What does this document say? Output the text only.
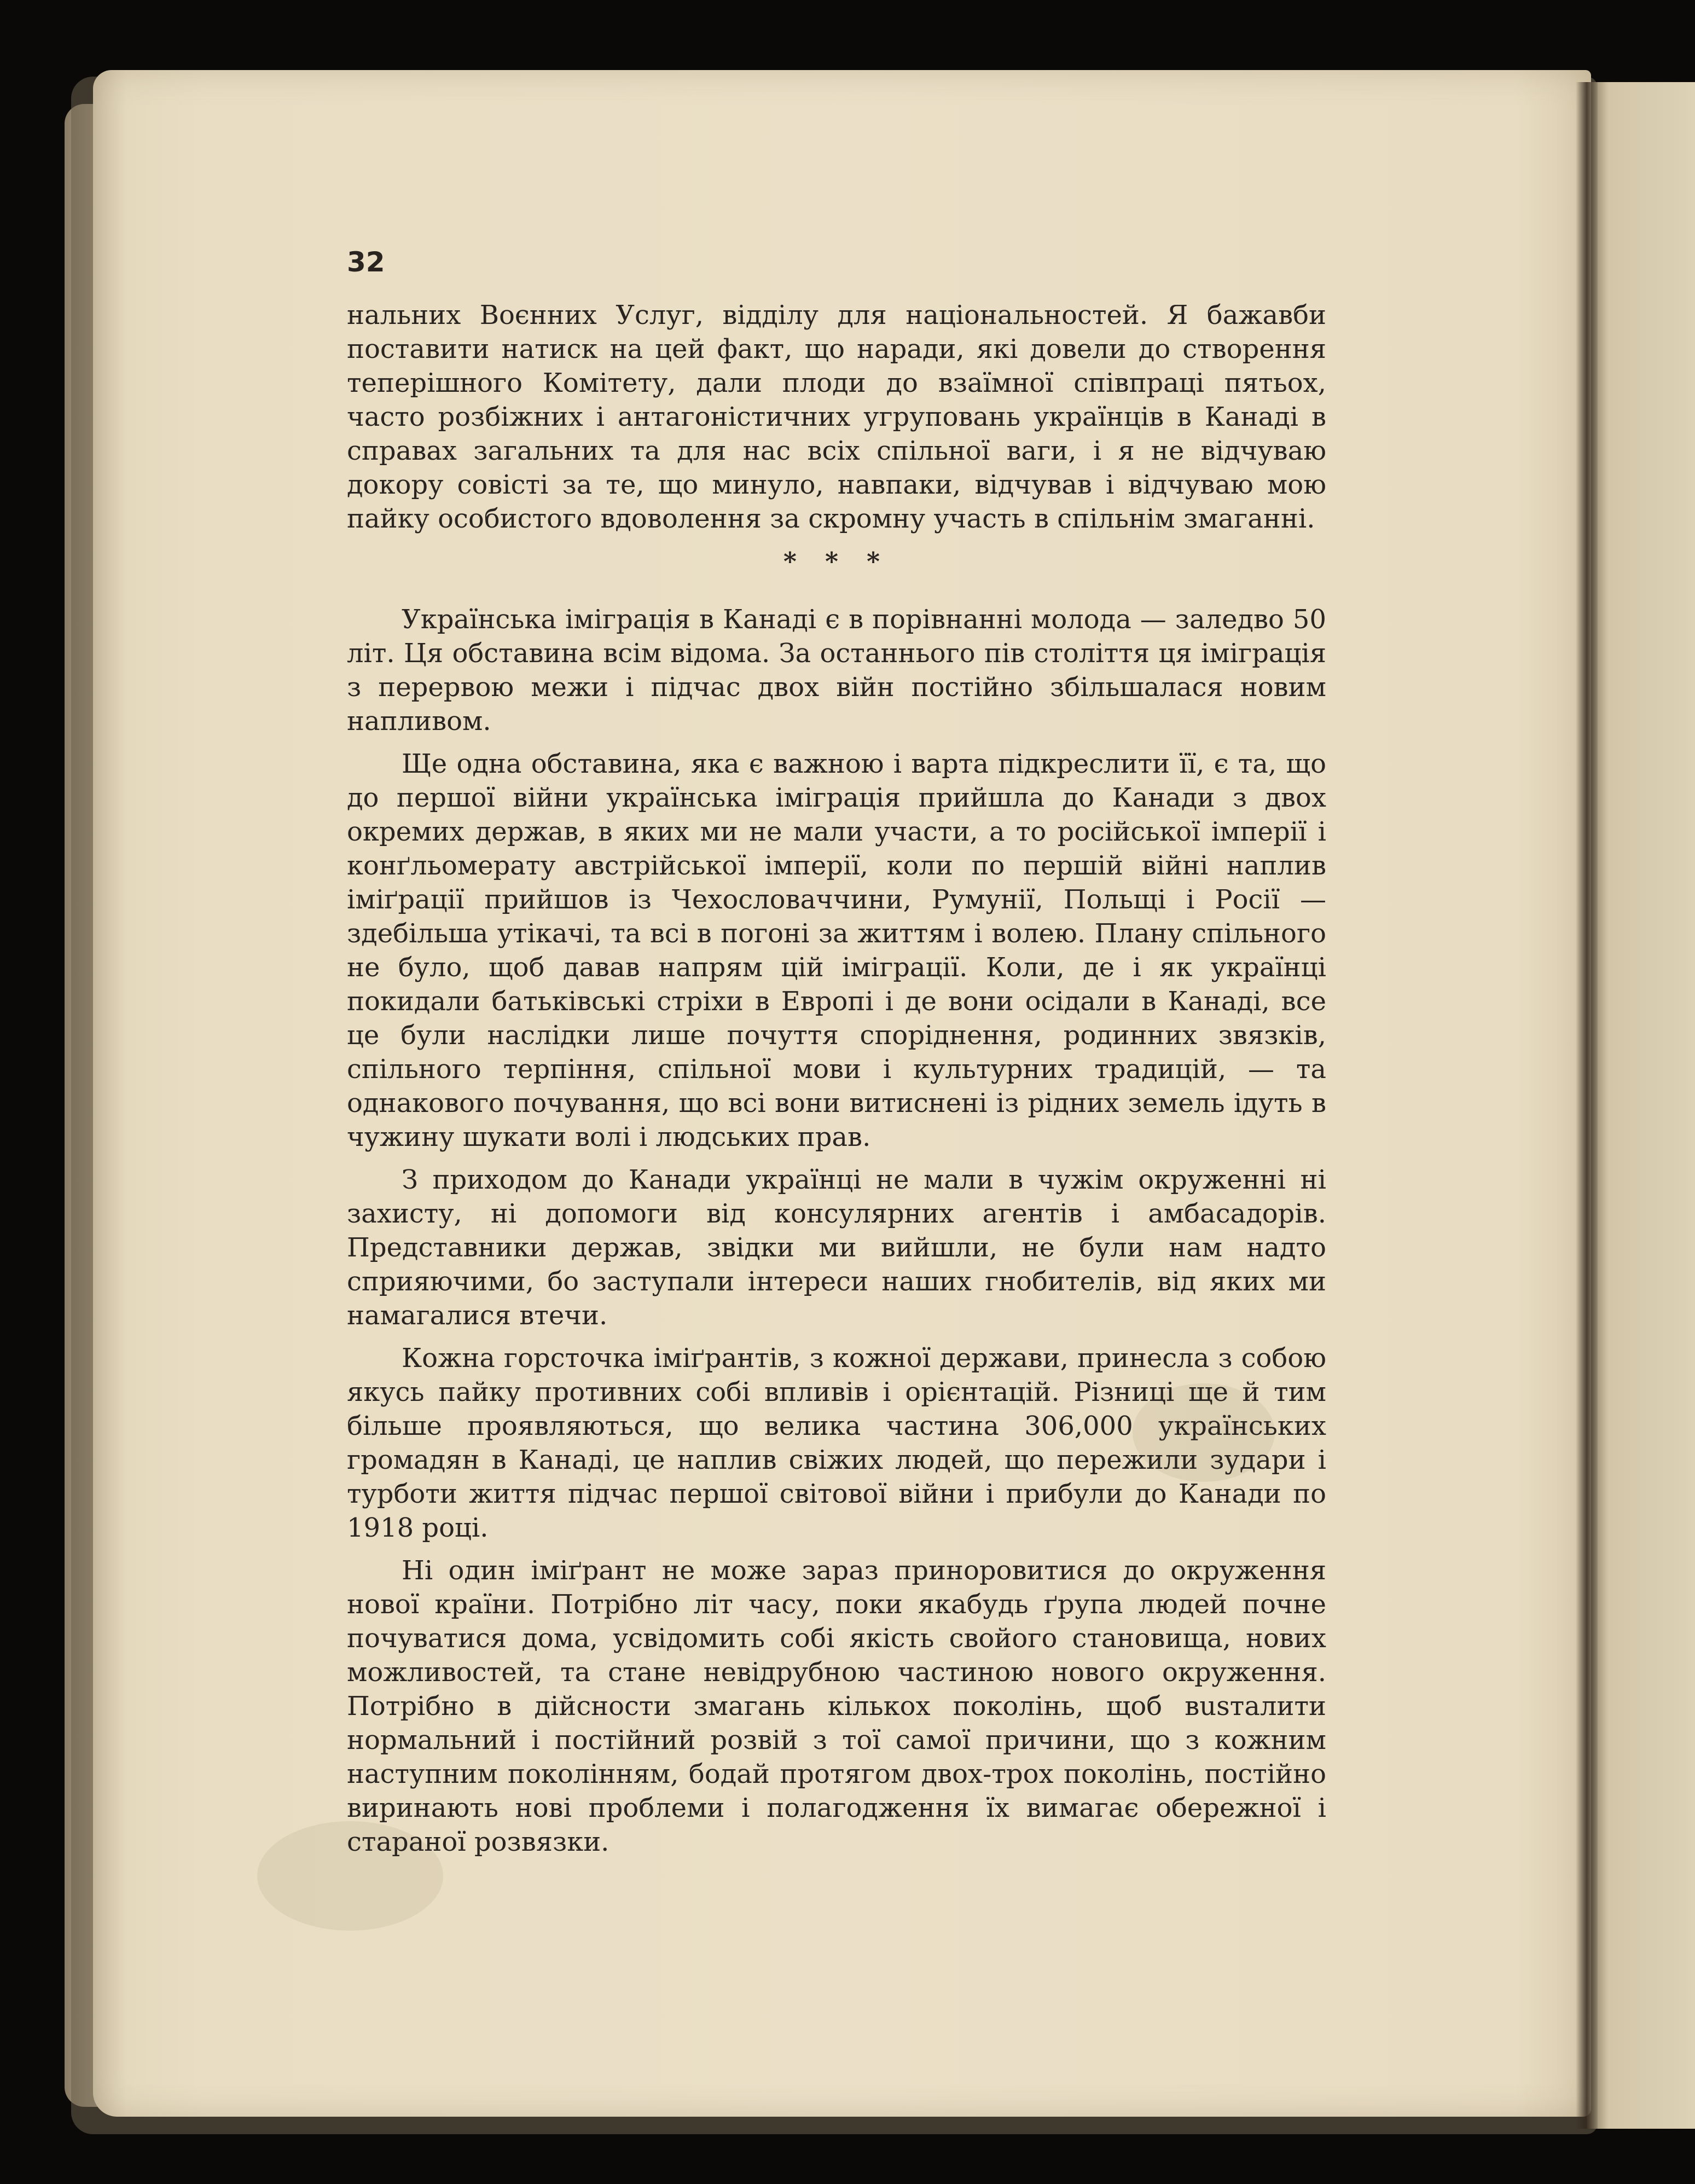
32

нальних Воєнних Услуг, відділу для національностей. Я бажавби поставити натиск на цей факт, що наради, які довели до створення теперішного Комітету, дали плоди до взаїмної співпраці пятьох, часто розбіжних і антагоністичних угруповань українців в Канаді в справах загальних та для нас всіх спільної ваги, і я не відчуваю докору совісті за те, що минуло, навпаки, відчував і відчуваю мою пайку особистого вдоволення за скромну участь в спільнім змаганні.

* * *

Українська іміграція в Канаді є в порівнанні молода — заледво 50 літ. Ця обставина всім відома. За останнього пів століття ця іміграція з перервою межи і підчас двох війн постійно збільшалася новим напливом.

Ще одна обставина, яка є важною і варта підкреслити її, є та, що до першої війни українська іміграція прийшла до Канади з двох окремих держав, в яких ми не мали участи, а то російської імперії і конґльомерату австрійської імперії, коли по першій війні наплив іміґрації прийшов із Чехословаччини, Румунії, Польщі і Росії — здебільша утікачі, та всі в погоні за життям і волею. Плану спільного не було, щоб давав напрям цій іміграції. Коли, де і як українці покидали батьківські стріхи в Европі і де вони осідали в Канаді, все це були наслідки лише почуття споріднення, родинних звязків, спільного терпіння, спільної мови і культурних традицій, — та однакового почування, що всі вони витиснені із рідних земель ідуть в чужину шукати волі і людських прав.

З приходом до Канади українці не мали в чужім окруженні ні захисту, ні допомоги від консулярних агентів і амбасадорів. Представники держав, звідки ми вийшли, не були нам надто сприяючими, бо заступали інтереси наших гнобителів, від яких ми намагалися втечи.

Кожна горсточка іміґрантів, з кожної держави, принесла з собою якусь пайку противних собі впливів і орієнтацій. Різниці ще й тим більше проявляються, що велика частина 306,000 українських громадян в Канаді, це наплив свіжих людей, що пережили зудари і турботи життя підчас першої світової війни і прибули до Канади по 1918 році.

Ні один іміґрант не може зараз приноровитися до окруження нової країни. Потрібно літ часу, поки якабудь ґрупа людей почне почуватися дома, усвідомить собі якість свойого становища, нових можливостей, та стане невідрубною частиною нового окруження. Потрібно в дійсности змагань кількох поколінь, щоб вusталити нормальний і постійний розвій з тої самої причини, що з кожним наступним поколінням, бодай протягом двох-трох поколінь, постійно виринають нові проблеми і полагодження їх вимагає обережної і стараної розвязки.
